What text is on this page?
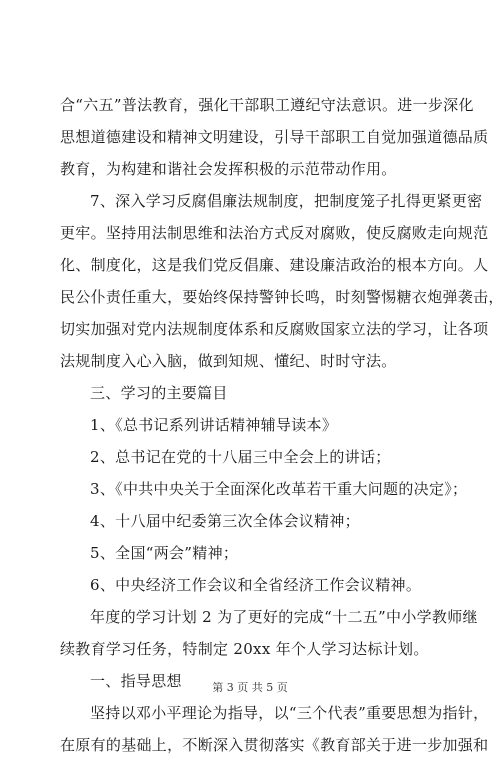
合“六五”普法教育，强化干部职工遵纪守法意识。进一步深化
思想道德建设和精神文明建设，引导干部职工自觉加强道德品质
教育，为构建和谐社会发挥积极的示范带动作用。
7、深入学习反腐倡廉法规制度，把制度笼子扎得更紧更密
更牢。坚持用法制思维和法治方式反对腐败，使反腐败走向规范
化、制度化，这是我们党反倡廉、建设廉洁政治的根本方向。人
民公仆责任重大，要始终保持警钟长鸣，时刻警惕糖衣炮弹袭击，
切实加强对党内法规制度体系和反腐败国家立法的学习，让各项
法规制度入心入脑，做到知规、懂纪、时时守法。
三、学习的主要篇目
1、《总书记系列讲话精神辅导读本》
2、总书记在党的十八届三中全会上的讲话；
3、《中共中央关于全面深化改革若干重大问题的决定》；
4、十八届中纪委第三次全体会议精神；
5、全国“两会”精神；
6、中央经济工作会议和全省经济工作会议精神。
年度的学习计划 2 为了更好的完成“十二五”中小学教师继
续教育学习任务，特制定 20xx 年个人学习达标计划。
一、指导思想
坚持以邓小平理论为指导，以“三个代表”重要思想为指针，
在原有的基础上，不断深入贯彻落实《教育部关于进一步加强和
第 3 页 共 5 页
